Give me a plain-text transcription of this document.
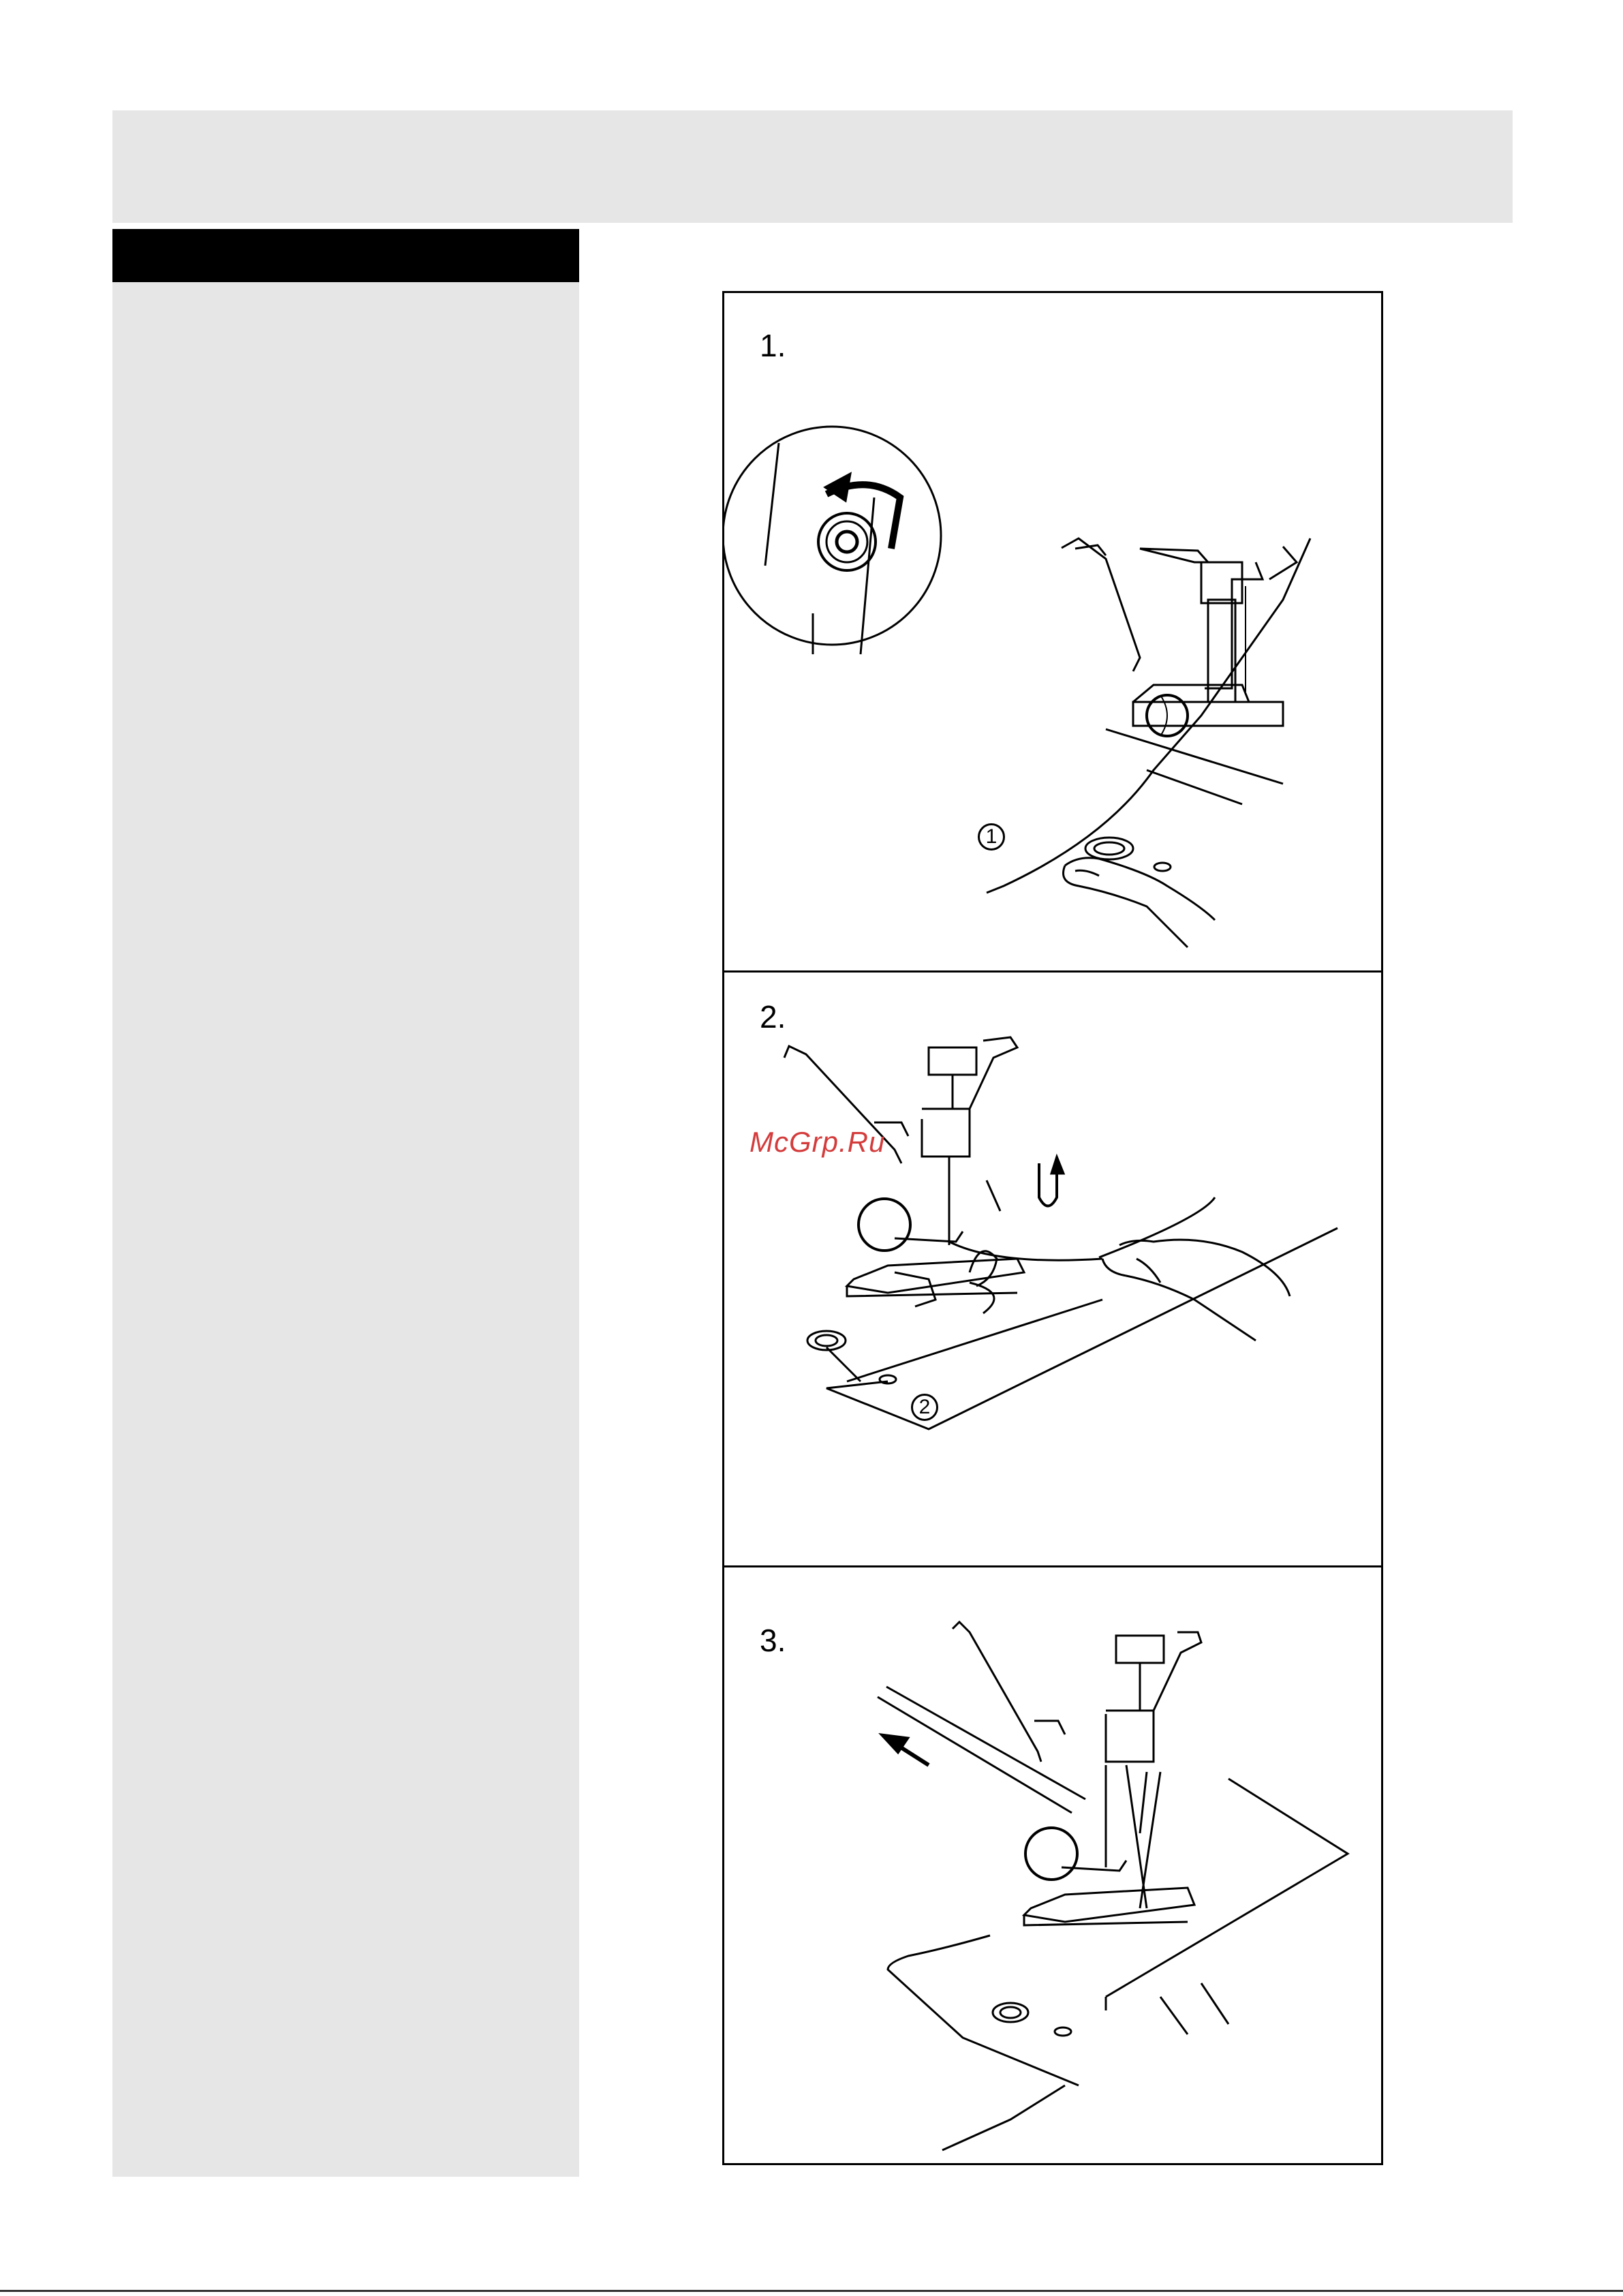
1.
1
2.
2
McGrp.Ru
3.
